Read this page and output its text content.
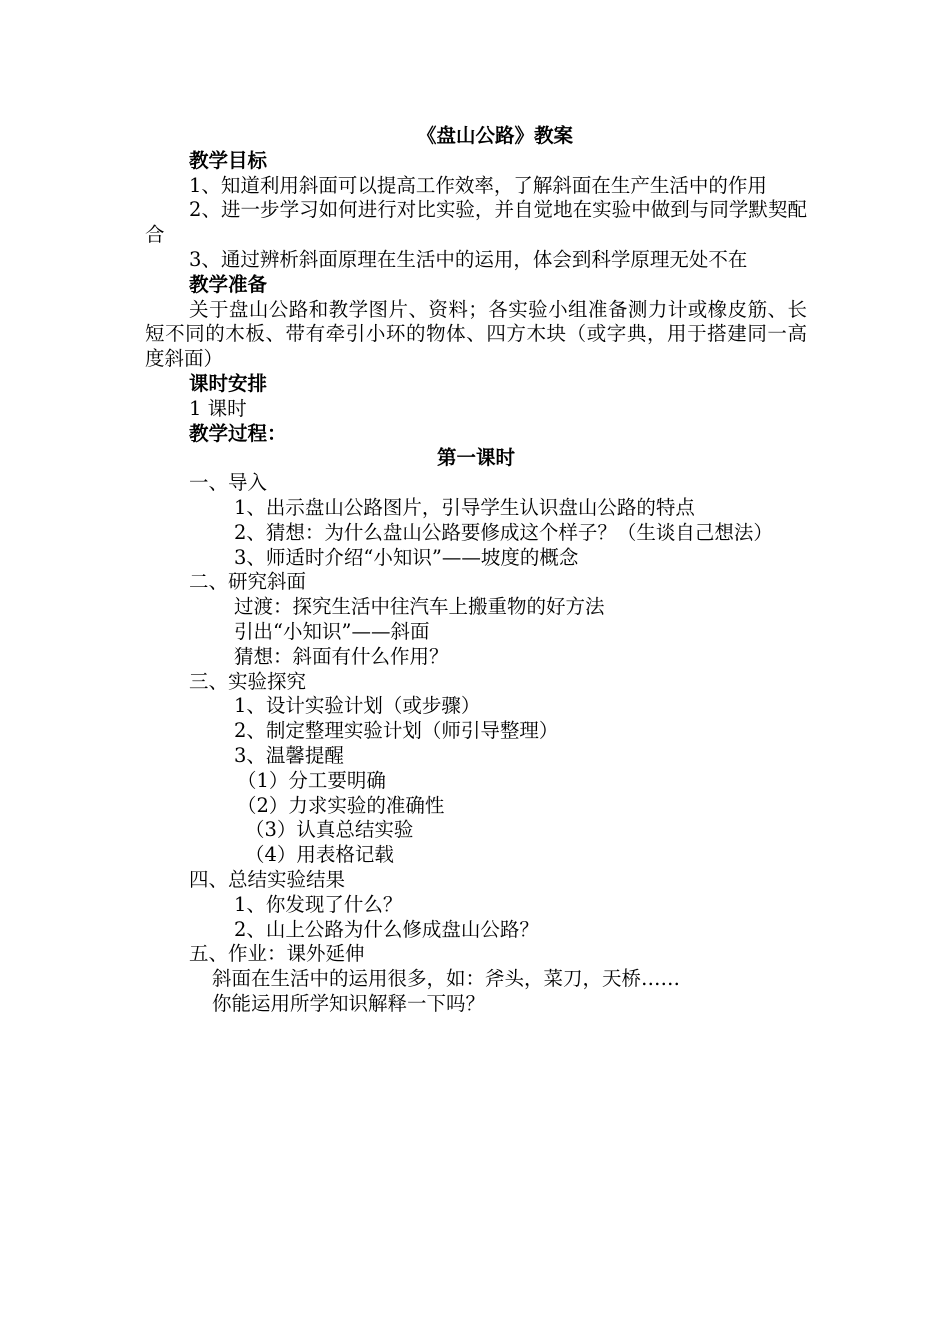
《盘山公路》教案
教学目标
1、知道利用斜面可以提高工作效率，了解斜面在生产生活中的作用
2、进一步学习如何进行对比实验，并自觉地在实验中做到与同学默契配合
3、通过辨析斜面原理在生活中的运用，体会到科学原理无处不在
教学准备
关于盘山公路和教学图片、资料；各实验小组准备测力计或橡皮筋、长短不同的木板、带有牵引小环的物体、四方木块（或字典，用于搭建同一高度斜面）
课时安排
1 课时
教学过程：
第一课时
一、导入
1、出示盘山公路图片，引导学生认识盘山公路的特点
2、猜想：为什么盘山公路要修成这个样子？（生谈自己想法）
3、师适时介绍“小知识”——坡度的概念
二、研究斜面
过渡：探究生活中往汽车上搬重物的好方法
引出“小知识”——斜面
猜想：斜面有什么作用？
三、实验探究
1、设计实验计划（或步骤）
2、制定整理实验计划（师引导整理）
3、温馨提醒
（1）分工要明确
（2）力求实验的准确性
（3）认真总结实验
（4）用表格记载
四、总结实验结果
1、你发现了什么？
2、山上公路为什么修成盘山公路？
五、作业：课外延伸
斜面在生活中的运用很多，如：斧头，菜刀，天桥……
你能运用所学知识解释一下吗？
